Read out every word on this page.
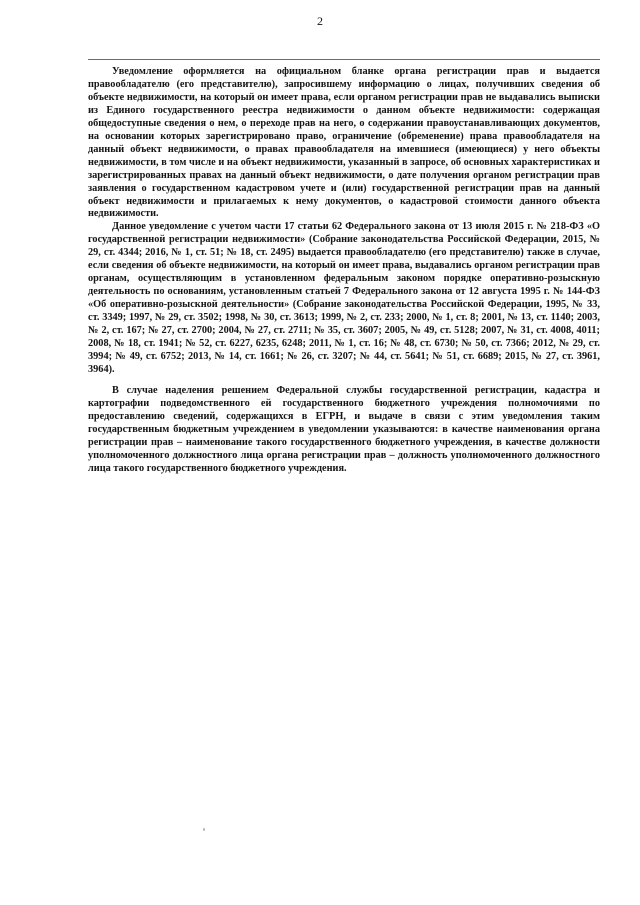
2

Уведомление оформляется на официальном бланке органа регистрации прав и выдается правообладателю (его представителю), запросившему информацию о лицах, получивших сведения об объекте недвижимости, на который он имеет права, если органом регистрации прав не выдавались выписки из Единого государственного реестра недвижимости о данном объекте недвижимости: содержащая общедоступные сведения о нем, о переходе прав на него, о содержании правоустанавливающих документов, на основании которых зарегистрировано право, ограничение (обременение) права правообладателя на данный объект недвижимости, о правах правообладателя на имевшиеся (имеющиеся) у него объекты недвижимости, в том числе и на объект недвижимости, указанный в запросе, об основных характеристиках и зарегистрированных правах на данный объект недвижимости, о дате получения органом регистрации прав заявления о государственном кадастровом учете и (или) государственной регистрации прав на данный объект недвижимости и прилагаемых к нему документов, о кадастровой стоимости данного объекта недвижимости.

Данное уведомление с учетом части 17 статьи 62 Федерального закона от 13 июля 2015 г. № 218-ФЗ «О государственной регистрации недвижимости» (Собрание законодательства Российской Федерации, 2015, № 29, ст. 4344; 2016, № 1, ст. 51; № 18, ст. 2495) выдается правообладателю (его представителю) также в случае, если сведения об объекте недвижимости, на который он имеет права, выдавались органом регистрации прав органам, осуществляющим в установленном федеральным законом порядке оперативно-розыскную деятельность по основаниям, установленным статьей 7 Федерального закона от 12 августа 1995 г. № 144-ФЗ «Об оперативно-розыскной деятельности» (Собрание законодательства Российской Федерации, 1995, № 33, ст. 3349; 1997, № 29, ст. 3502; 1998, № 30, ст. 3613; 1999, № 2, ст. 233; 2000, № 1, ст. 8; 2001, № 13, ст. 1140; 2003, № 2, ст. 167; № 27, ст. 2700; 2004, № 27, ст. 2711; № 35, ст. 3607; 2005, № 49, ст. 5128; 2007, № 31, ст. 4008, 4011; 2008, № 18, ст. 1941; № 52, ст. 6227, 6235, 6248; 2011, № 1, ст. 16; № 48, ст. 6730; № 50, ст. 7366; 2012, № 29, ст. 3994; № 49, ст. 6752; 2013, № 14, ст. 1661; № 26, ст. 3207; № 44, ст. 5641; № 51, ст. 6689; 2015, № 27, ст. 3961, 3964).

В случае наделения решением Федеральной службы государственной регистрации, кадастра и картографии подведомственного ей государственного бюджетного учреждения полномочиями по предоставлению сведений, содержащихся в ЕГРН, и выдаче в связи с этим уведомления таким государственным бюджетным учреждением в уведомлении указываются: в качестве наименования органа регистрации прав – наименование такого государственного бюджетного учреждения, в качестве должности уполномоченного должностного лица органа регистрации прав – должность уполномоченного должностного лица такого государственного бюджетного учреждения.
